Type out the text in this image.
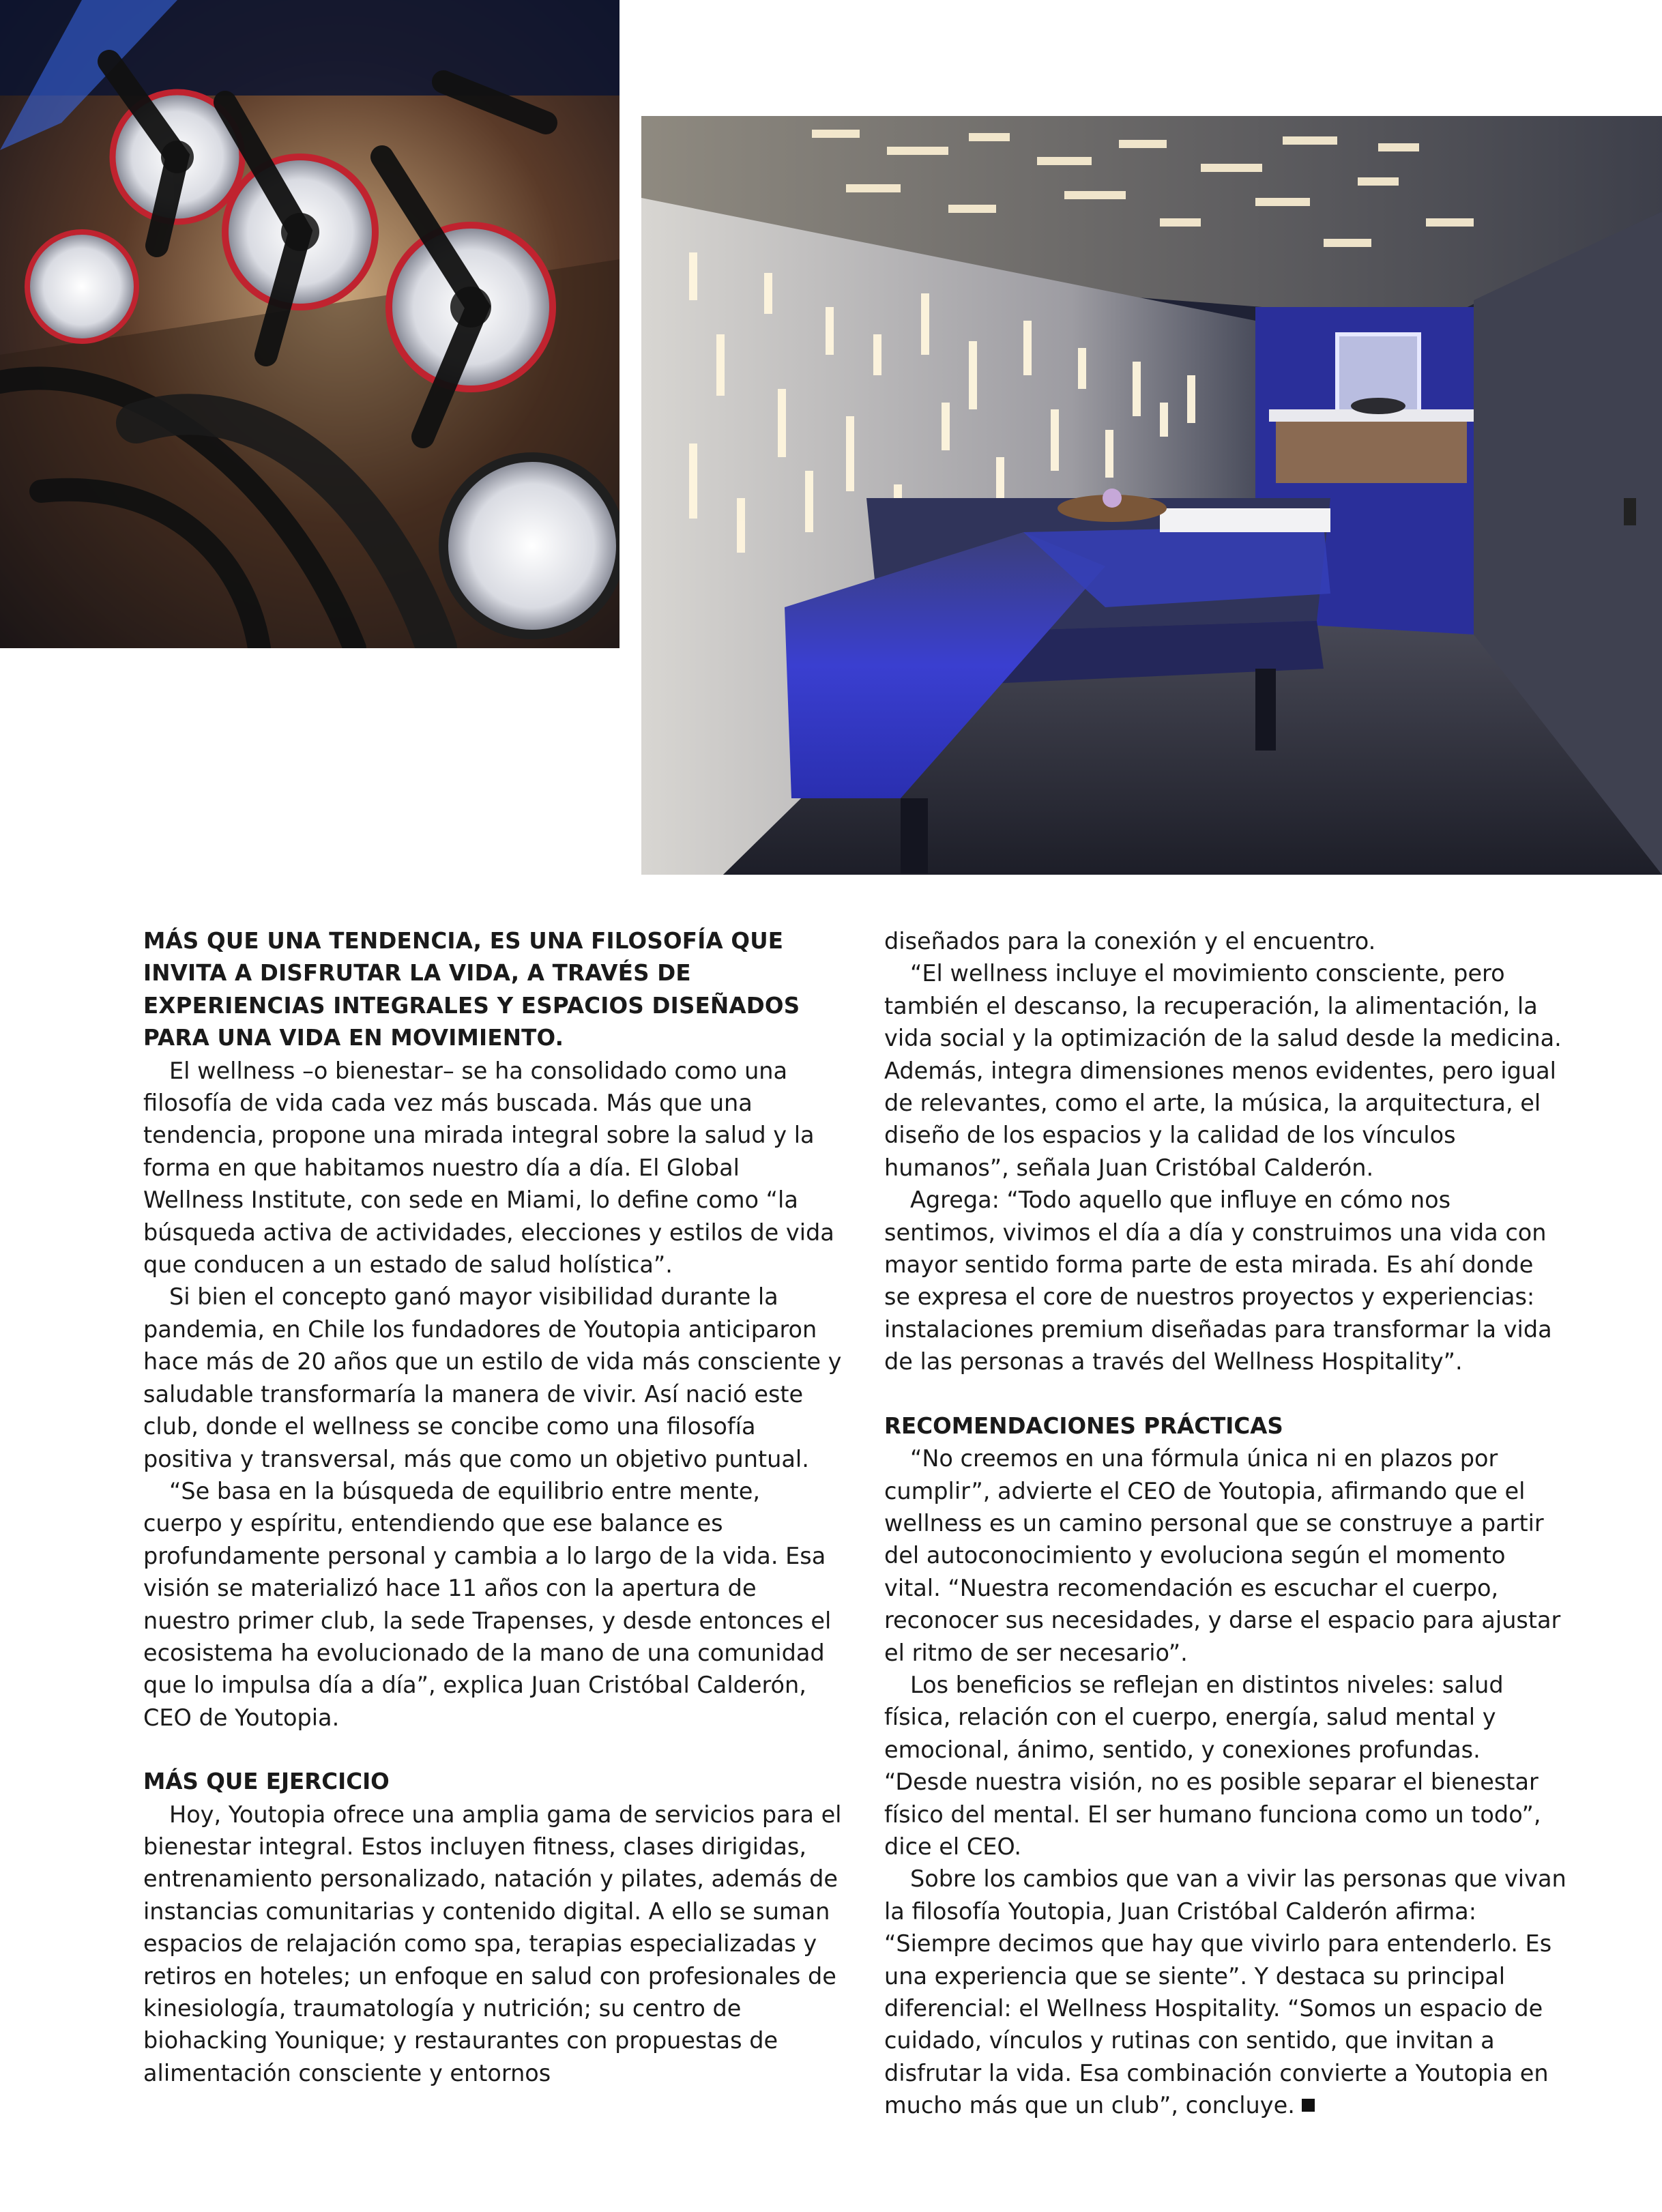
MÁS QUE UNA TENDENCIA, ES UNA FILOSOFÍA QUE INVITA A DISFRUTAR LA VIDA, A TRAVÉS DE EXPERIENCIAS INTEGRALES Y ESPACIOS DISEÑADOS PARA UNA VIDA EN MOVIMIENTO.

El wellness –o bienestar– se ha consolidado como una filosofía de vida cada vez más buscada. Más que una tendencia, propone una mirada integral sobre la salud y la forma en que habitamos nuestro día a día. El Global Wellness Institute, con sede en Miami, lo define como “la búsqueda activa de actividades, elecciones y estilos de vida que conducen a un estado de salud holística”.

Si bien el concepto ganó mayor visibilidad durante la pandemia, en Chile los fundadores de Youtopia anticiparon hace más de 20 años que un estilo de vida más consciente y saludable transformaría la manera de vivir. Así nació este club, donde el wellness se concibe como una filosofía positiva y transversal, más que como un objetivo puntual.

“Se basa en la búsqueda de equilibrio entre mente, cuerpo y espíritu, entendiendo que ese balance es profundamente personal y cambia a lo largo de la vida. Esa visión se materializó hace 11 años con la apertura de nuestro primer club, la sede Trapenses, y desde entonces el ecosistema ha evolucionado de la mano de una comunidad que lo impulsa día a día”, explica Juan Cristóbal Calderón, CEO de Youtopia.

MÁS QUE EJERCICIO

Hoy, Youtopia ofrece una amplia gama de servicios para el bienestar integral. Estos incluyen fitness, clases dirigidas, entrenamiento personalizado, natación y pilates, además de instancias comunitarias y contenido digital. A ello se suman espacios de relajación como spa, terapias especializadas y retiros en hoteles; un enfoque en salud con profesionales de kinesiología, traumatología y nutrición; su centro de biohacking Younique; y restaurantes con propuestas de alimentación consciente y entornos

diseñados para la conexión y el encuentro.

“El wellness incluye el movimiento consciente, pero también el descanso, la recuperación, la alimentación, la vida social y la optimización de la salud desde la medicina. Además, integra dimensiones menos evidentes, pero igual de relevantes, como el arte, la música, la arquitectura, el diseño de los espacios y la calidad de los vínculos humanos”, señala Juan Cristóbal Calderón.

Agrega: “Todo aquello que influye en cómo nos sentimos, vivimos el día a día y construimos una vida con mayor sentido forma parte de esta mirada. Es ahí donde se expresa el core de nuestros proyectos y experiencias: instalaciones premium diseñadas para transformar la vida de las personas a través del Wellness Hospitality”.

RECOMENDACIONES PRÁCTICAS

“No creemos en una fórmula única ni en plazos por cumplir”, advierte el CEO de Youtopia, afirmando que el wellness es un camino personal que se construye a partir del autoconocimiento y evoluciona según el momento vital. “Nuestra recomendación es escuchar el cuerpo, reconocer sus necesidades, y darse el espacio para ajustar el ritmo de ser necesario”.

Los beneficios se reflejan en distintos niveles: salud física, relación con el cuerpo, energía, salud mental y emocional, ánimo, sentido, y conexiones profundas. “Desde nuestra visión, no es posible separar el bienestar físico del mental. El ser humano funciona como un todo”, dice el CEO.

Sobre los cambios que van a vivir las personas que vivan la filosofía Youtopia, Juan Cristóbal Calderón afirma: “Siempre decimos que hay que vivirlo para entenderlo. Es una experiencia que se siente”. Y destaca su principal diferencial: el Wellness Hospitality. “Somos un espacio de cuidado, vínculos y rutinas con sentido, que invitan a disfrutar la vida. Esa combinación convierte a Youtopia en mucho más que un club”, concluye.
